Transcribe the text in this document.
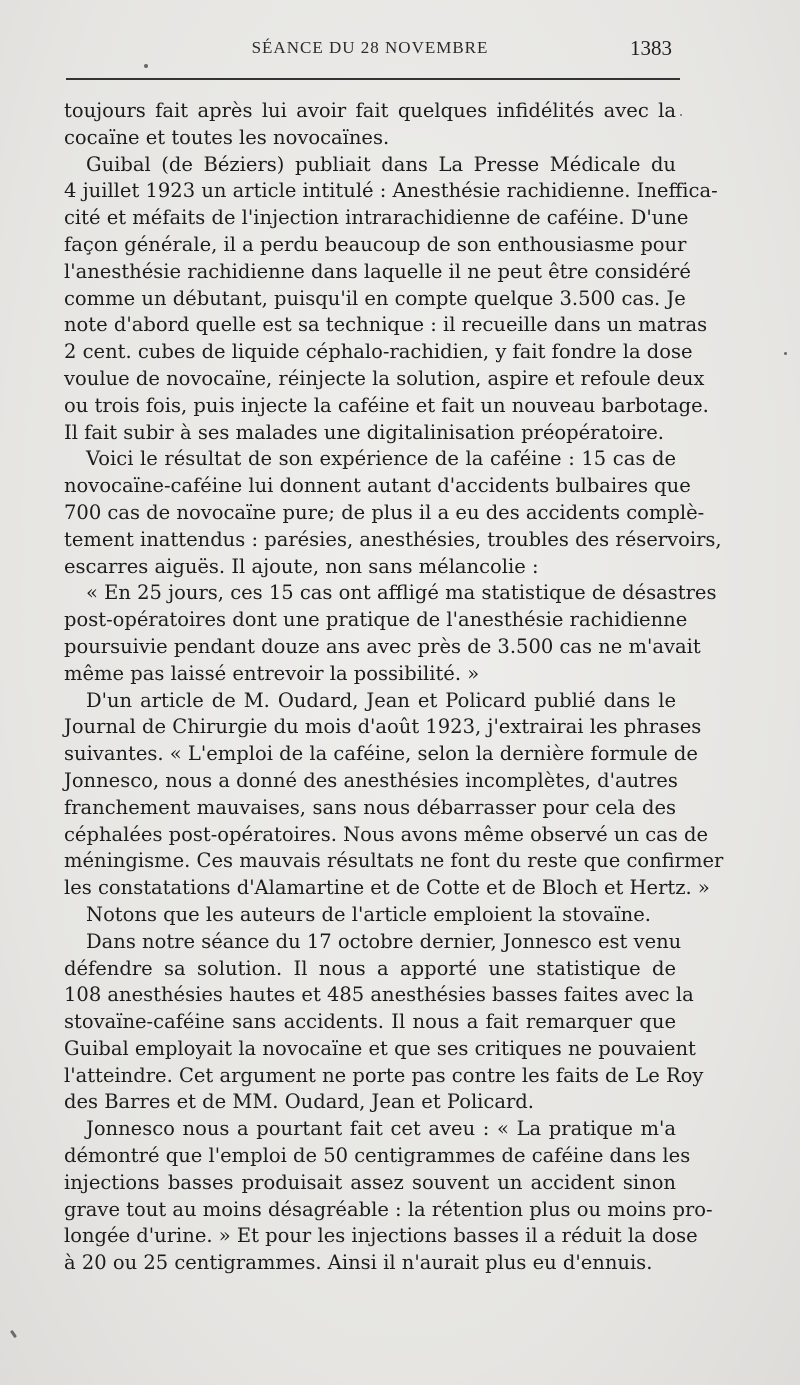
SÉANCE DU 28 NOVEMBRE	1383
toujours fait après lui avoir fait quelques infidélités avec la
cocaïne et toutes les novocaïnes.
Guibal (de Béziers) publiait dans La Presse Médicale du
4 juillet 1923 un article intitulé : Anesthésie rachidienne. Inefficа-
cité et méfaits de l'injection intrarachidienne de caféine. D'une
façon générale, il a perdu beaucoup de son enthousiasme pour
l'anesthésie rachidienne dans laquelle il ne peut être considéré
comme un débutant, puisqu'il en compte quelque 3.500 cas. Je
note d'abord quelle est sa technique : il recueille dans un matras
2 cent. cubes de liquide céphalo-rachidien, y fait fondre la dose
voulue de novocaïne, réinjecte la solution, aspire et refoule deux
ou trois fois, puis injecte la caféine et fait un nouveau barbotage.
Il fait subir à ses malades une digitalinisation préopératoire.
Voici le résultat de son expérience de la caféine : 15 cas de
novocaïne-caféine lui donnent autant d'accidents bulbaires que
700 cas de novocaïne pure; de plus il a eu des accidents complè-
tement inattendus : parésies, anesthésies, troubles des réservoirs,
escarres aiguës. Il ajoute, non sans mélancolie :
« En 25 jours, ces 15 cas ont affligé ma statistique de désastres
post-opératoires dont une pratique de l'anesthésie rachidienne
poursuivie pendant douze ans avec près de 3.500 cas ne m'avait
même pas laissé entrevoir la possibilité. »
D'un article de M. Oudard, Jean et Policard publié dans le
Journal de Chirurgie du mois d'août 1923, j'extrairai les phrases
suivantes. « L'emploi de la caféine, selon la dernière formule de
Jonnesco, nous a donné des anesthésies incomplètes, d'autres
franchement mauvaises, sans nous débarrasser pour cela des
céphalées post-opératoires. Nous avons même observé un cas de
méningisme. Ces mauvais résultats ne font du reste que confirmer
les constatations d'Alamartine et de Cotte et de Bloch et Hertz. »
Notons que les auteurs de l'article emploient la stovaïne.
Dans notre séance du 17 octobre dernier, Jonnesco est venu
défendre sa solution. Il nous a apporté une statistique de
108 anesthésies hautes et 485 anesthésies basses faites avec la
stovaïne-caféine sans accidents. Il nous a fait remarquer que
Guibal employait la novocaïne et que ses critiques ne pouvaient
l'atteindre. Cet argument ne porte pas contre les faits de Le Roy
des Barres et de MM. Oudard, Jean et Policard.
Jonnesco nous a pourtant fait cet aveu : « La pratique m'a
démontré que l'emploi de 50 centigrammes de caféine dans les
injections basses produisait assez souvent un accident sinon
grave tout au moins désagréable : la rétention plus ou moins pro-
longée d'urine. » Et pour les injections basses il a réduit la dose
à 20 ou 25 centigrammes. Ainsi il n'aurait plus eu d'ennuis.
